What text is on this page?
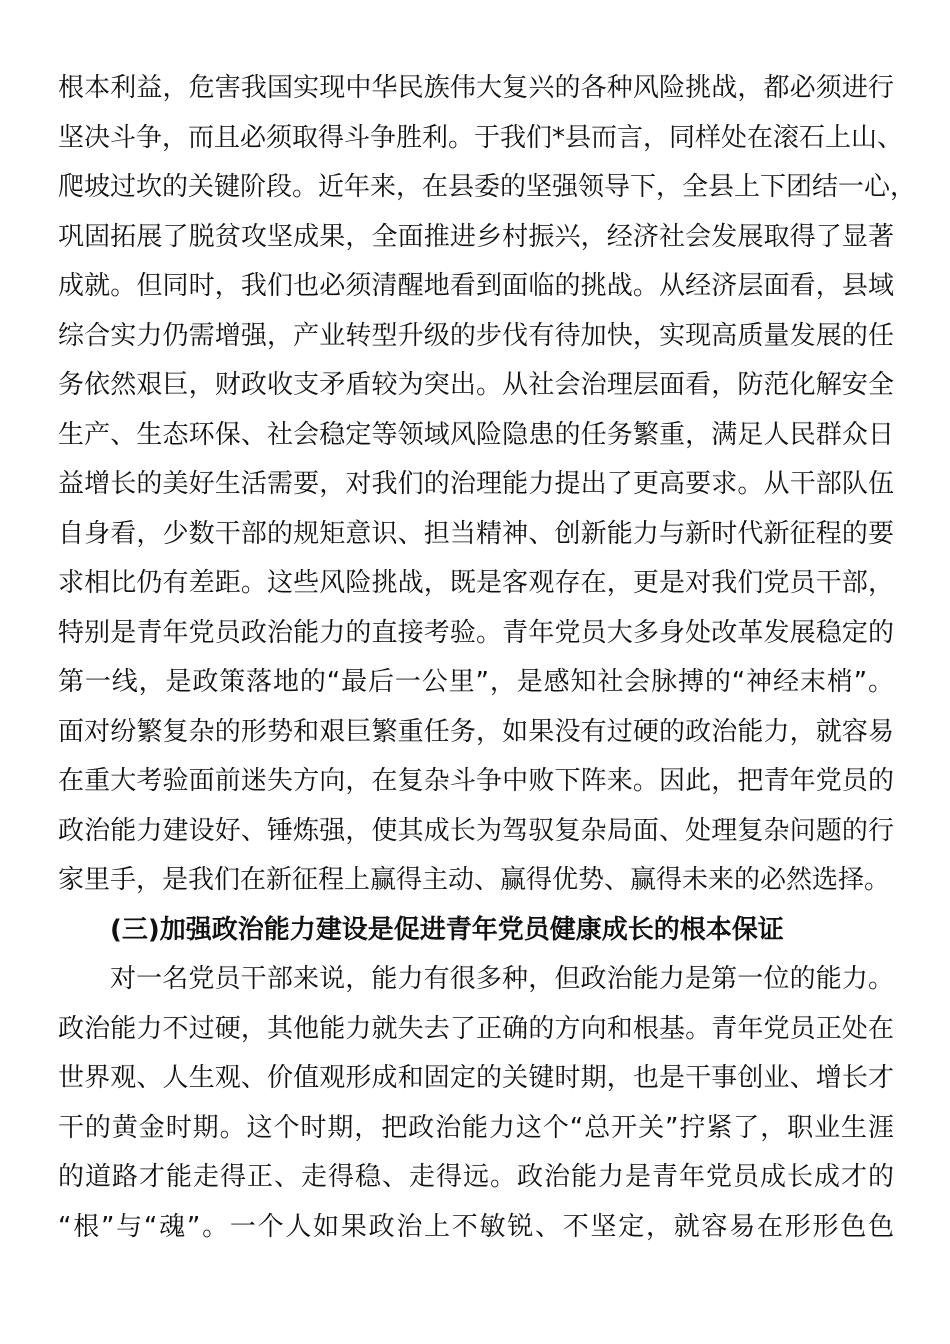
根本利益，危害我国实现中华民族伟大复兴的各种风险挑战，都必须进行
坚决斗争，而且必须取得斗争胜利。于我们*县而言，同样处在滚石上山、
爬坡过坎的关键阶段。近年来，在县委的坚强领导下，全县上下团结一心，
巩固拓展了脱贫攻坚成果，全面推进乡村振兴，经济社会发展取得了显著
成就。但同时，我们也必须清醒地看到面临的挑战。从经济层面看，县域
综合实力仍需增强，产业转型升级的步伐有待加快，实现高质量发展的任
务依然艰巨，财政收支矛盾较为突出。从社会治理层面看，防范化解安全
生产、生态环保、社会稳定等领域风险隐患的任务繁重，满足人民群众日
益增长的美好生活需要，对我们的治理能力提出了更高要求。从干部队伍
自身看，少数干部的规矩意识、担当精神、创新能力与新时代新征程的要
求相比仍有差距。这些风险挑战，既是客观存在，更是对我们党员干部，
特别是青年党员政治能力的直接考验。青年党员大多身处改革发展稳定的
第一线，是政策落地的“最后一公里”，是感知社会脉搏的“神经末梢”。
面对纷繁复杂的形势和艰巨繁重任务，如果没有过硬的政治能力，就容易
在重大考验面前迷失方向，在复杂斗争中败下阵来。因此，把青年党员的
政治能力建设好、锤炼强，使其成长为驾驭复杂局面、处理复杂问题的行
家里手，是我们在新征程上赢得主动、赢得优势、赢得未来的必然选择。
(三)加强政治能力建设是促进青年党员健康成长的根本保证
对一名党员干部来说，能力有很多种，但政治能力是第一位的能力。
政治能力不过硬，其他能力就失去了正确的方向和根基。青年党员正处在
世界观、人生观、价值观形成和固定的关键时期，也是干事创业、增长才
干的黄金时期。这个时期，把政治能力这个“总开关”拧紧了，职业生涯
的道路才能走得正、走得稳、走得远。政治能力是青年党员成长成才的
“根”与“魂”。一个人如果政治上不敏锐、不坚定，就容易在形形色色
